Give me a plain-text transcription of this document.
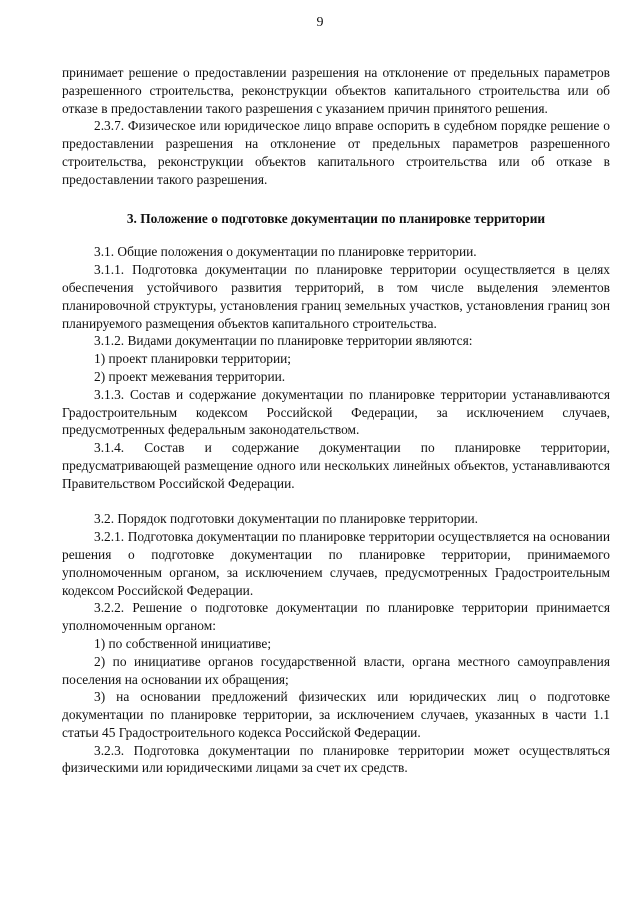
9

принимает решение о предоставлении разрешения на отклонение от предельных параметров разрешенного строительства, реконструкции объектов капитального строительства или об отказе в предоставлении такого разрешения с указанием причин принятого решения.

2.3.7. Физическое или юридическое лицо вправе оспорить в судебном порядке решение о предоставлении разрешения на отклонение от предельных параметров разрешенного строительства, реконструкции объектов капитального строительства или об отказе в предоставлении такого разрешения.

3. Положение о подготовке документации по планировке территории

3.1. Общие положения о документации по планировке территории.

3.1.1. Подготовка документации по планировке территории осуществляется в целях обеспечения устойчивого развития территорий, в том числе выделения элементов планировочной структуры, установления границ земельных участков, установления границ зон планируемого размещения объектов капитального строительства.

3.1.2. Видами документации по планировке территории являются:

1) проект планировки территории;

2) проект межевания территории.

3.1.3. Состав и содержание документации по планировке территории устанавливаются Градостроительным кодексом Российской Федерации, за исключением случаев, предусмотренных федеральным законодательством.

3.1.4. Состав и содержание документации по планировке территории, предусматривающей размещение одного или нескольких линейных объектов, устанавливаются Правительством Российской Федерации.

3.2. Порядок подготовки документации по планировке территории.

3.2.1. Подготовка документации по планировке территории осуществляется на основании решения о подготовке документации по планировке территории, принимаемого уполномоченным органом, за исключением случаев, предусмотренных Градостроительным кодексом Российской Федерации.

3.2.2. Решение о подготовке документации по планировке территории принимается уполномоченным органом:

1) по собственной инициативе;

2) по инициативе органов государственной власти, органа местного самоуправления поселения на основании их обращения;

3) на основании предложений физических или юридических лиц о подготовке документации по планировке территории, за исключением случаев, указанных в части 1.1 статьи 45 Градостроительного кодекса Российской Федерации.

3.2.3. Подготовка документации по планировке территории может осуществляться физическими или юридическими лицами за счет их средств.
